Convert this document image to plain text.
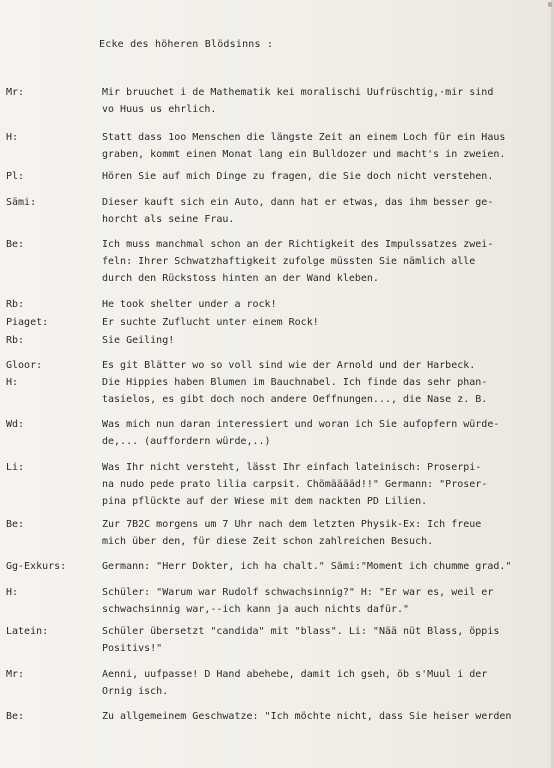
Ecke des höheren Blödsinns :
Mr:	Mir bruuchet i de Mathematik kei moralischi Uufrüschtig,·mir sind
vo Huus us ehrlich.
H:	Statt dass 1oo Menschen die längste Zeit an einem Loch für ein Haus
graben, kommt einen Monat lang ein Bulldozer und macht's in zweien.
Pl:	Hören Sie auf mich Dinge zu fragen, die Sie doch nicht verstehen.
Sämi:	Dieser kauft sich ein Auto, dann hat er etwas, das ihm besser ge-
horcht als seine Frau.
Be:	Ich muss manchmal schon an der Richtigkeit des Impulssatzes zwei-
feln: Ihrer Schwatzhaftigkeit zufolge müssten Sie nämlich alle
durch den Rückstoss hinten an der Wand kleben.
Rb:	He took shelter under a rock!
Piaget:	Er suchte Zuflucht unter einem Rock!
Rb:	Sie Geiling!
Gloor:	Es git Blätter wo so voll sind wie der Arnold und der Harbeck.
H:	Die Hippies haben Blumen im Bauchnabel. Ich finde das sehr phan-
tasielos, es gibt doch noch andere Oeffnungen..., die Nase z. B.
Wd:	Was mich nun daran interessiert und woran ich Sie aufopfern würde-
de,... (auffordern würde,..)
Li:	Was Ihr nicht versteht, lässt Ihr einfach lateinisch: Proserpi-
na nudo pede prato lilia carpsit. Chömääääd!!" Germann: "Proser-
pina pflückte auf der Wiese mit dem nackten PD Lilien.
Be:	Zur 7B2C morgens um 7 Uhr nach dem letzten Physik-Ex: Ich freue
mich über den, für diese Zeit schon zahlreichen Besuch.
Gg-Exkurs:	Germann: "Herr Dokter, ich ha chalt." Sämi:"Moment ich chumme grad."
H:	Schüler: "Warum war Rudolf schwachsinnig?" H: "Er war es, weil er
schwachsinnig war,--ich kann ja auch nichts dafür."
Latein:	Schüler übersetzt "candida" mit "blass". Li: "Nää nüt Blass, öppis
Positivs!"
Mr:	Aenni, uufpasse! D Hand abehebe, damit ich gseh, öb s'Muul i der
Ornig isch.
Be:	Zu allgemeinem Geschwatze: "Ich möchte nicht, dass Sie heiser werden
